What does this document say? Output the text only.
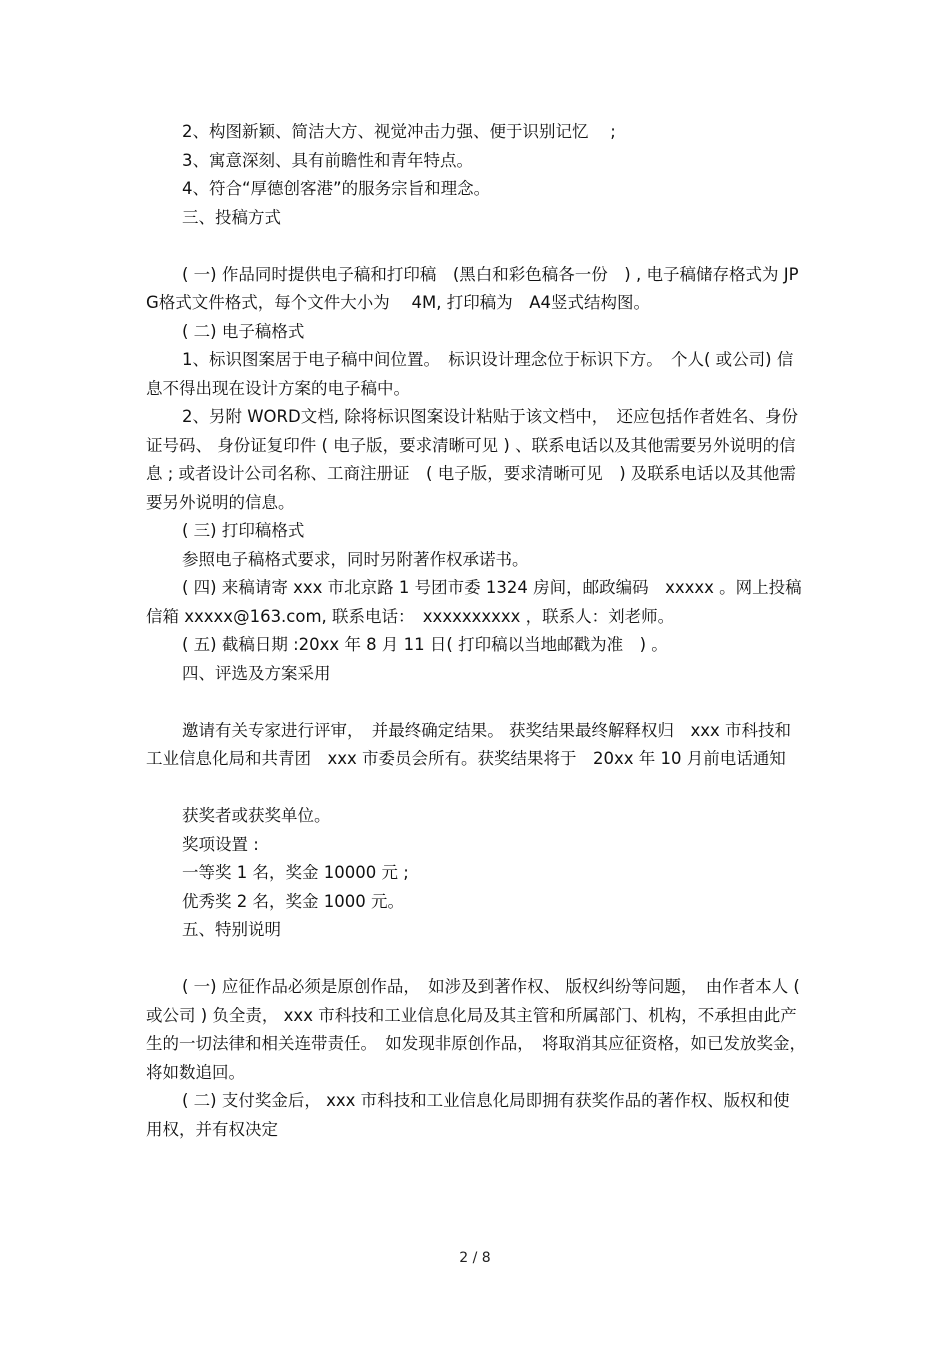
2、构图新颖、简洁大方、视觉冲击力强、便于识别记忆　 ;

3、寓意深刻、具有前瞻性和青年特点。

4、符合“厚德创客港”的服务宗旨和理念。

三、投稿方式

( 一) 作品同时提供电子稿和打印稿　(黑白和彩色稿各一份　) , 电子稿储存格式为 JPG格式文件格式，每个文件大小为　 4M, 打印稿为　A4竖式结构图。

( 二) 电子稿格式

1、标识图案居于电子稿中间位置。　标识设计理念位于标识下方。　个人( 或公司) 信息不得出现在设计方案的电子稿中。

2、另附 WORD文档, 除将标识图案设计粘贴于该文档中，　还应包括作者姓名、身份证号码、 身份证复印件 ( 电子版，要求清晰可见 ) 、联系电话以及其他需要另外说明的信息 ; 或者设计公司名称、工商注册证　( 电子版，要求清晰可见　) 及联系电话以及其他需要另外说明的信息。

( 三) 打印稿格式

参照电子稿格式要求，同时另附著作权承诺书。

( 四) 来稿请寄 xxx 市北京路 1 号团市委 1324 房间，邮政编码　xxxxx 。网上投稿信箱 xxxxx@163.com, 联系电话：　xxxxxxxxxx ，联系人：刘老师。

( 五) 截稿日期 :20xx 年 8 月 11 日( 打印稿以当地邮戳为准　) 。

四、评选及方案采用

邀请有关专家进行评审，　并最终确定结果。 获奖结果最终解释权归　xxx 市科技和工业信息化局和共青团　xxx 市委员会所有。获奖结果将于　20xx 年 10 月前电话通知

获奖者或获奖单位。

奖项设置 :

一等奖 1 名，奖金 10000 元 ;

优秀奖 2 名，奖金 1000 元。

五、特别说明

( 一) 应征作品必须是原创作品，　如涉及到著作权、 版权纠纷等问题，　由作者本人 ( 或公司 ) 负全责， xxx 市科技和工业信息化局及其主管和所属部门、机构，不承担由此产生的一切法律和相关连带责任。　如发现非原创作品，　将取消其应征资格，如已发放奖金，将如数追回。

( 二) 支付奖金后， xxx 市科技和工业信息化局即拥有获奖作品的著作权、版权和使用权，并有权决定

2 / 8
